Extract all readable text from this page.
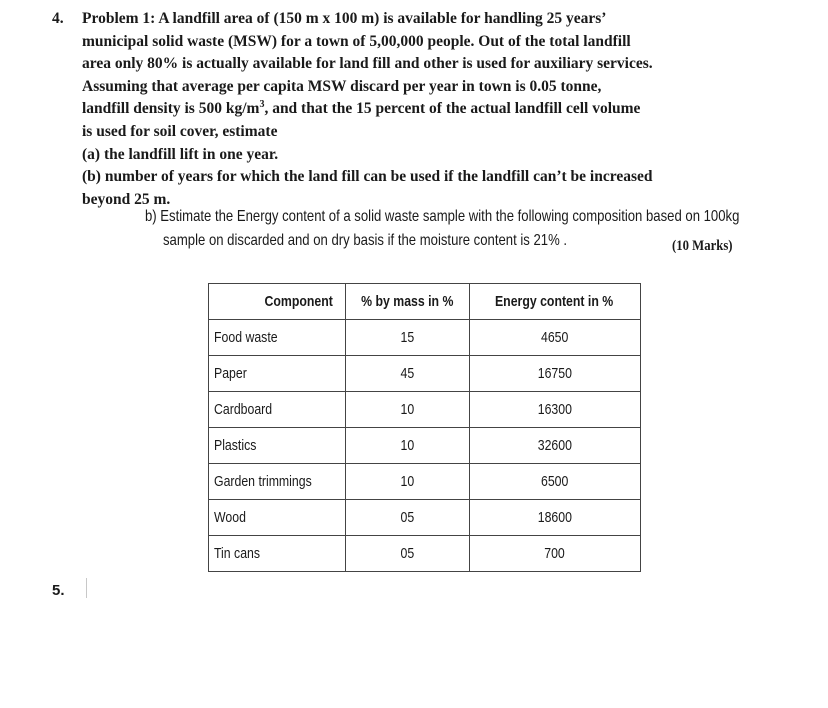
4. Problem 1: A landfill area of (150 m x 100 m) is available for handling 25 years’
municipal solid waste (MSW) for a town of 5,00,000 people. Out of the total landfill
area only 80% is actually available for land fill and other is used for auxiliary services.
Assuming that average per capita MSW discard per year in town is 0.05 tonne,
landfill density is 500 $kg/m^3$, and that the 15 percent of the actual landfill cell volume
is used for soil cover, estimate
(a) the landfill lift in one year.
(b) number of years for which the land fill can be used if the landfill can’t be increased
beyond 25 m.
b) Estimate the Energy content of a solid waste sample with the following composition based on 100kg
sample on discarded and on dry basis if the moisture content is 21% .	(10 Marks)
Component	% by mass in %	Energy content in %
Food waste	15	4650
Paper	45	16750
Cardboard	10	16300
Plastics	10	32600
Garden trimmings	10	6500
Wood	05	18600
Tin cans	05	700
5.
